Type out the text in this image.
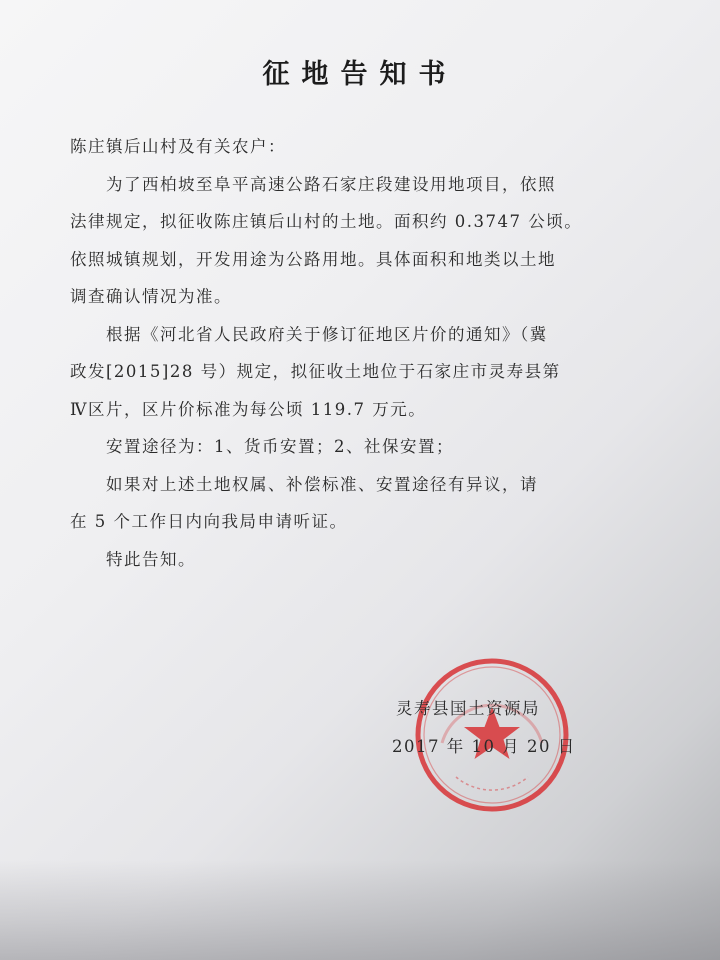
征地告知书

陈庄镇后山村及有关农户：

为了西柏坡至阜平高速公路石家庄段建设用地项目，依照
法律规定，拟征收陈庄镇后山村的土地。面积约 0.3747 公顷。
依照城镇规划，开发用途为公路用地。具体面积和地类以土地
调查确认情况为准。

根据《河北省人民政府关于修订征地区片价的通知》（冀
政发[2015]28 号）规定，拟征收土地位于石家庄市灵寿县第
Ⅳ区片，区片价标准为每公顷 119.7 万元。

安置途径为：1、货币安置；2、社保安置；

如果对上述土地权属、补偿标准、安置途径有异议，请
在 5 个工作日内向我局申请听证。

特此告知。

灵寿县国土资源局
2017 年 10 月 20 日
